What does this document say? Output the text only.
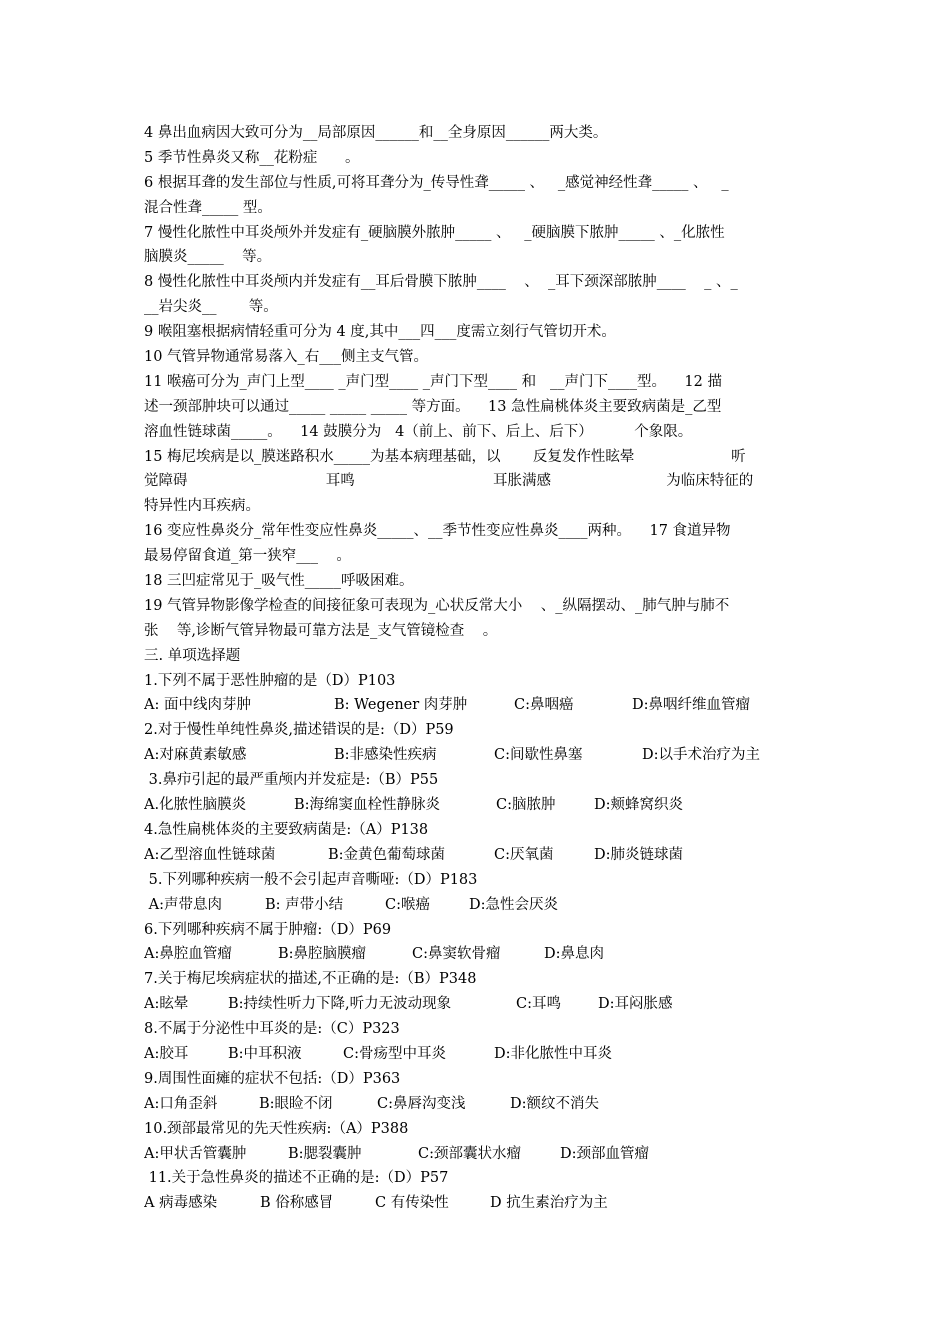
4 鼻出血病因大致可分为__局部原因______和__全身原因______两大类。
5 季节性鼻炎又称__花粉症      。
6 根据耳聋的发生部位与性质,可将耳聋分为_传导性聋_____ 、   _感觉神经性聋_____ 、   _
混合性聋_____ 型。
7 慢性化脓性中耳炎颅外并发症有_硬脑膜外脓肿_____ 、   _硬脑膜下脓肿_____ 、_化脓性
脑膜炎_____    等。
8 慢性化脓性中耳炎颅内并发症有__耳后骨膜下脓肿____    、  _耳下颈深部脓肿____    _ 、_
__岩尖炎__       等。
9 喉阻塞根据病情轻重可分为 4 度,其中___四___度需立刻行气管切开术。
10 气管异物通常易落入_右___侧主支气管。
11 喉癌可分为_声门上型____ _声门型____ _声门下型____ 和   __声门下____型。    12 描
述一颈部肿块可以通过_____ _____ _____ 等方面。    13 急性扁桃体炎主要致病菌是_乙型
溶血性链球菌_____。    14 鼓膜分为   4（前上、前下、后上、后下）         个象限。
15 梅尼埃病是以_膜迷路积水_____为基本病理基础，以       反复发作性眩晕                     听
觉障碍                              耳鸣                              耳胀满感                         为临床特征的
特异性内耳疾病。
16 变应性鼻炎分_常年性变应性鼻炎_____、__季节性变应性鼻炎____两种。    17 食道异物
最易停留食道_第一狭窄___    。
18 三凹症常见于_吸气性_____呼吸困难。
19 气管异物影像学检查的间接征象可表现为_心状反常大小    、_纵隔摆动、_肺气肿与肺不
张    等,诊断气管异物最可靠方法是_支气管镜检查    。
三. 单项选择题
1.下列不属于恶性肿瘤的是（D）P103
A: 面中线肉芽肿	B: Wegener 肉芽肿	C:鼻咽癌	D:鼻咽纤维血管瘤
2.对于慢性单纯性鼻炎,描述错误的是:（D）P59
A:对麻黄素敏感	B:非感染性疾病	C:间歇性鼻塞	D:以手术治疗为主
3.鼻疖引起的最严重颅内并发症是:（B）P55
A.化脓性脑膜炎	B:海绵窦血栓性静脉炎	C:脑脓肿	D:颊蜂窝织炎
4.急性扁桃体炎的主要致病菌是:（A）P138
A:乙型溶血性链球菌	B:金黄色葡萄球菌	C:厌氧菌	D:肺炎链球菌
5.下列哪种疾病一般不会引起声音嘶哑:（D）P183
A:声带息肉	B: 声带小结	C:喉癌	D:急性会厌炎
6.下列哪种疾病不属于肿瘤:（D）P69
A:鼻腔血管瘤	B:鼻腔脑膜瘤	C:鼻窦软骨瘤	D:鼻息肉
7.关于梅尼埃病症状的描述,不正确的是:（B）P348
A:眩晕	B:持续性听力下降,听力无波动现象	C:耳鸣	D:耳闷胀感
8.不属于分泌性中耳炎的是:（C）P323
A:胶耳	B:中耳积液	C:骨疡型中耳炎	D:非化脓性中耳炎
9.周围性面瘫的症状不包括:（D）P363
A:口角歪斜	B:眼睑不闭	C:鼻唇沟变浅	D:额纹不消失
10.颈部最常见的先天性疾病:（A）P388
A:甲状舌管囊肿	B:腮裂囊肿	C:颈部囊状水瘤	D:颈部血管瘤
11.关于急性鼻炎的描述不正确的是:（D）P57
A 病毒感染	B 俗称感冒	C 有传染性	D 抗生素治疗为主
